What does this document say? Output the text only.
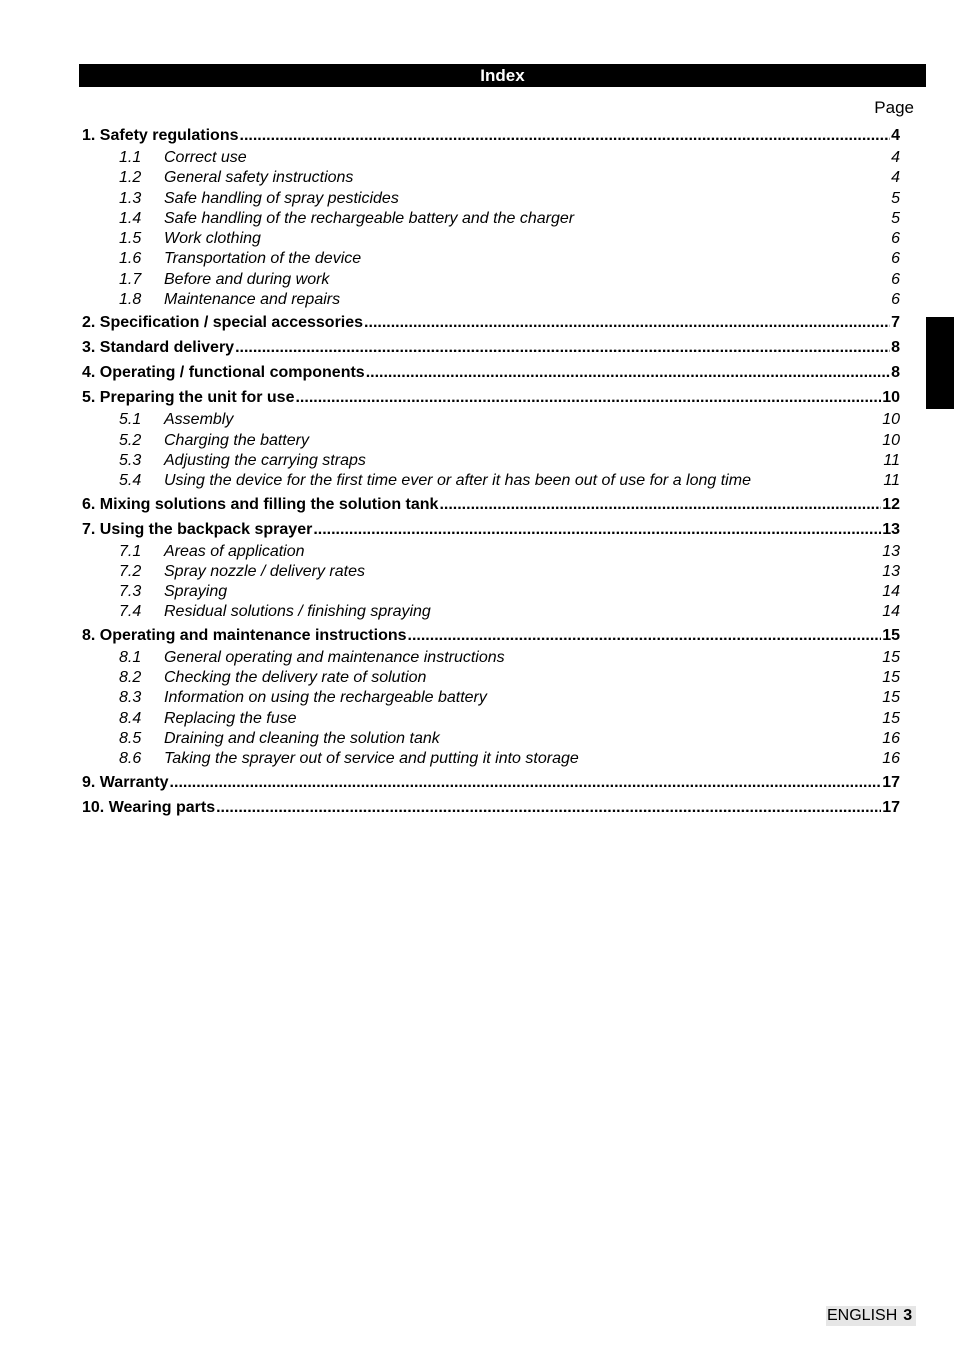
Index
Page
1. Safety regulations .....	4
1.1	Correct use	4
1.2	General safety instructions	4
1.3	Safe handling of spray pesticides	5
1.4	Safe handling of the rechargeable battery and the charger	5
1.5	Work clothing	6
1.6	Transportation of the device	6
1.7	Before and during work	6
1.8	Maintenance and repairs	6
2. Specification / special accessories .....	7
3. Standard delivery .....	8
4. Operating / functional components .....	8
5. Preparing the unit for use .....	10
5.1	Assembly	10
5.2	Charging the battery	10
5.3	Adjusting the carrying straps	11
5.4	Using the device for the first time ever or after it has been out of use for a long time	11
6. Mixing solutions and filling the solution tank .....	12
7. Using the backpack sprayer .....	13
7.1	Areas of application	13
7.2	Spray nozzle / delivery rates	13
7.3	Spraying	14
7.4	Residual solutions / finishing spraying	14
8. Operating and maintenance instructions .....	15
8.1	General operating and maintenance instructions	15
8.2	Checking the delivery rate of solution	15
8.3	Information on using the rechargeable battery	15
8.4	Replacing the fuse	15
8.5	Draining and cleaning the solution tank	16
8.6	Taking the sprayer out of service and putting it into storage	16
9. Warranty .....	17
10. Wearing parts .....	17
ENGLISH 3
